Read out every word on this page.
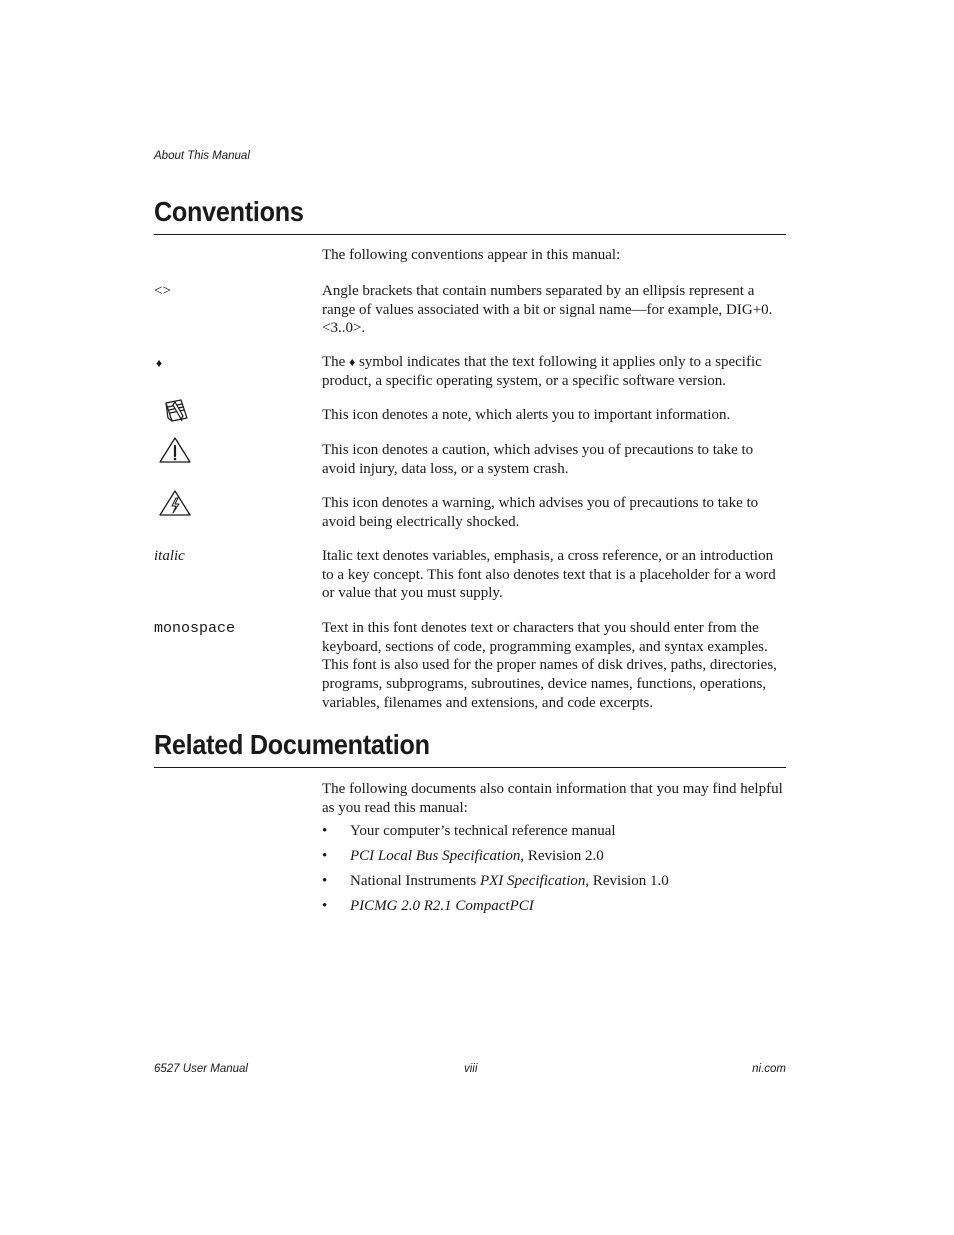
About This Manual
Conventions
The following conventions appear in this manual:
<>	Angle brackets that contain numbers separated by an ellipsis represent a range of values associated with a bit or signal name—for example, DIG+0.<3..0>.
♦	The ♦ symbol indicates that the text following it applies only to a specific product, a specific operating system, or a specific software version.
This icon denotes a note, which alerts you to important information.
This icon denotes a caution, which advises you of precautions to take to avoid injury, data loss, or a system crash.
This icon denotes a warning, which advises you of precautions to take to avoid being electrically shocked.
italic	Italic text denotes variables, emphasis, a cross reference, or an introduction to a key concept. This font also denotes text that is a placeholder for a word or value that you must supply.
monospace	Text in this font denotes text or characters that you should enter from the keyboard, sections of code, programming examples, and syntax examples. This font is also used for the proper names of disk drives, paths, directories, programs, subprograms, subroutines, device names, functions, operations, variables, filenames and extensions, and code excerpts.
Related Documentation
The following documents also contain information that you may find helpful as you read this manual:
• Your computer’s technical reference manual
• PCI Local Bus Specification, Revision 2.0
• National Instruments PXI Specification, Revision 1.0
• PICMG 2.0 R2.1 CompactPCI
6527 User Manual	viii	ni.com
